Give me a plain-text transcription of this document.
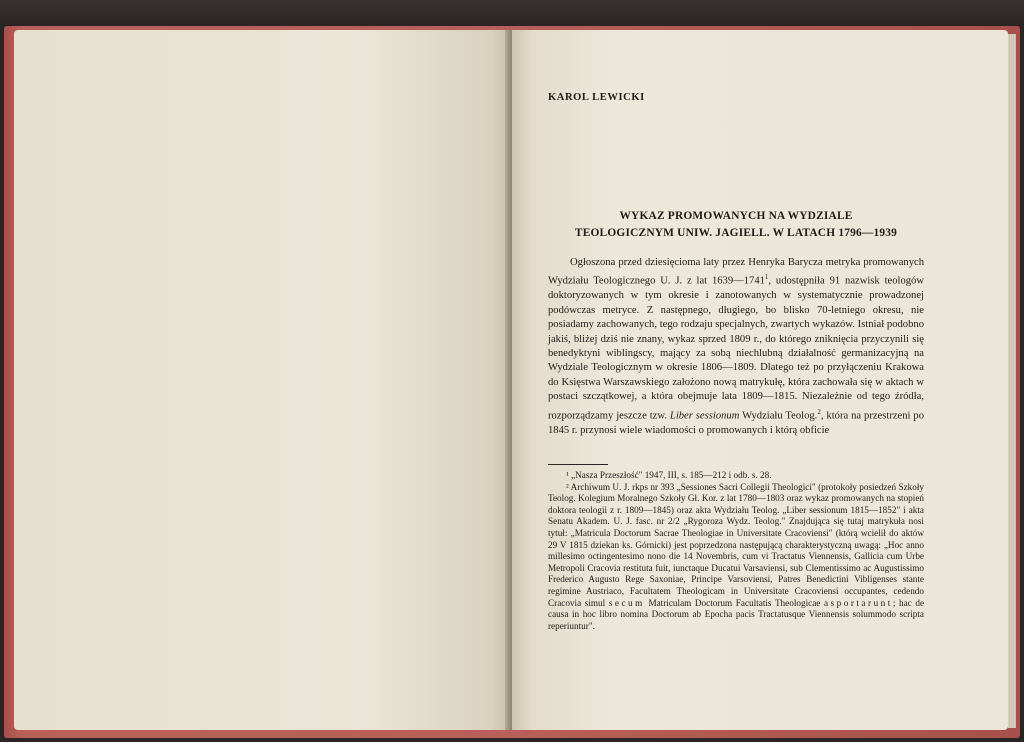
KAROL LEWICKI
WYKAZ PROMOWANYCH NA WYDZIALE
TEOLOGICZNYM UNIW. JAGIELL. W LATACH 1796—1939

Ogłoszona przed dziesięcioma laty przez Henryka Barycza metryka promowanych Wydziału Teologicznego U. J. z lat 1639—1741$^1$, udostępniła 91 nazwisk teologów doktoryzowanych w tym okresie i zanotowanych w systematycznie prowadzonej podówczas metryce. Z następnego, długiego, bo blisko 70-letniego okresu, nie posiadamy zachowanych, tego rodzaju specjalnych, zwartych wykazów. Istniał podobno jakiś, bliżej dziś nie znany, wykaz sprzed 1809 r., do którego zniknięcia przyczynili się benedyktyni wiblingscy, mający za sobą niechlubną działalność germanizacyjną na Wydziale Teologicznym w okresie 1806—1809. Dlatego też po przyłączeniu Krakowa do Księstwa Warszawskiego założono nową matrykułę, która zachowała się w aktach w postaci szczątkowej, a która obejmuje lata 1809—1815. Niezależnie od tego źródła, rozporządzamy jeszcze tzw. Liber sessionum Wydziału Teolog.$^2$, która na przestrzeni po 1845 r. przynosi wiele wiadomości o promowanych i którą obficie

¹ „Nasza Przeszłość" 1947, III, s. 185—212 i odb. s. 28.

² Archiwum U. J. rkps nr 393 „Sessiones Sacri Collegii Theologici" (protokoły posiedzeń Szkoły Teolog. Kolegium Moralnego Szkoły Gł. Kor. z lat 1780—1803 oraz wykaz promowanych na stopień doktora teologii z r. 1809—1845) oraz akta Wydziału Teolog. „Liber sessionum 1815—1852" i akta Senatu Akadem. U. J. fasc. nr 2/2 „Rygoroza Wydz. Teolog." Znajdująca się tutaj matrykuła nosi tytuł: „Matricula Doctorum Sacrae Theologiae in Universitate Cracoviensi" (którą wcielił do aktów 29 V 1815 dziekan ks. Górnicki) jest poprzedzona następującą charakterystyczną uwagą: „Hoc anno millesimo octingentesimo nono die 14 Novembris, cum vi Tractatus Viennensis, Gallicia cum Urbe Metropoli Cracovia restituta fuit, iunctaque Ducatui Varsaviensi, sub Clementissimo ac Augustissimo Frederico Augusto Rege Saxoniae, Principe Varsoviensi, Patres Benedictini Vibligenses stante regimine Austriaco, Facultatem Theologicam in Universitate Cracoviensi occupantes, cedendo Cracovia simul secum Matriculam Doctorum Facultatis Theologicae asportarunt; hac de causa in hoc libro nomina Doctorum ab Epocha pacis Tractatusque Viennensis solummodo scripta reperiuntur".
